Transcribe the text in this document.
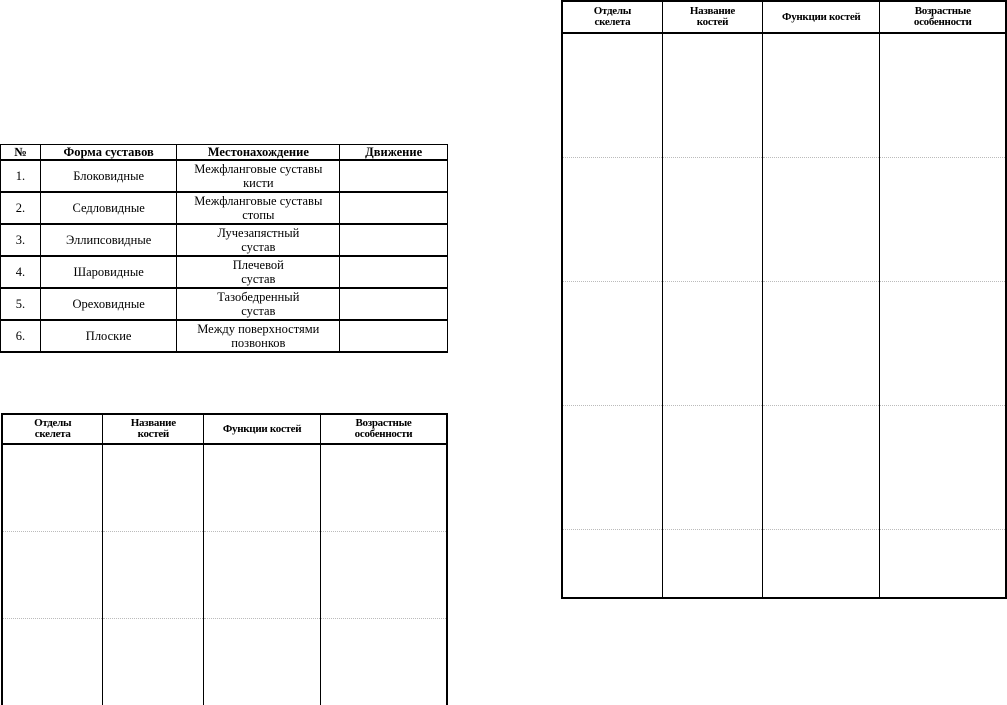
№	Форма суставов	Местонахождение	Движение
1.	Блоковидные	Межфланговые суставы
кисти	
2.	Седловидные	Межфланговые суставы
стопы	
3.	Эллипсовидные	Лучезапястный
сустав	
4.	Шаровидные	Плечевой
сустав	
5.	Ореховидные	Тазобедренный
сустав	
6.	Плоские	Между поверхностями
позвонков	
Отделы
скелета	Название
костей	Функции костей	Возрастные
особенности

Отделы
скелета	Название
костей	Функции костей	Возрастные
особенности
